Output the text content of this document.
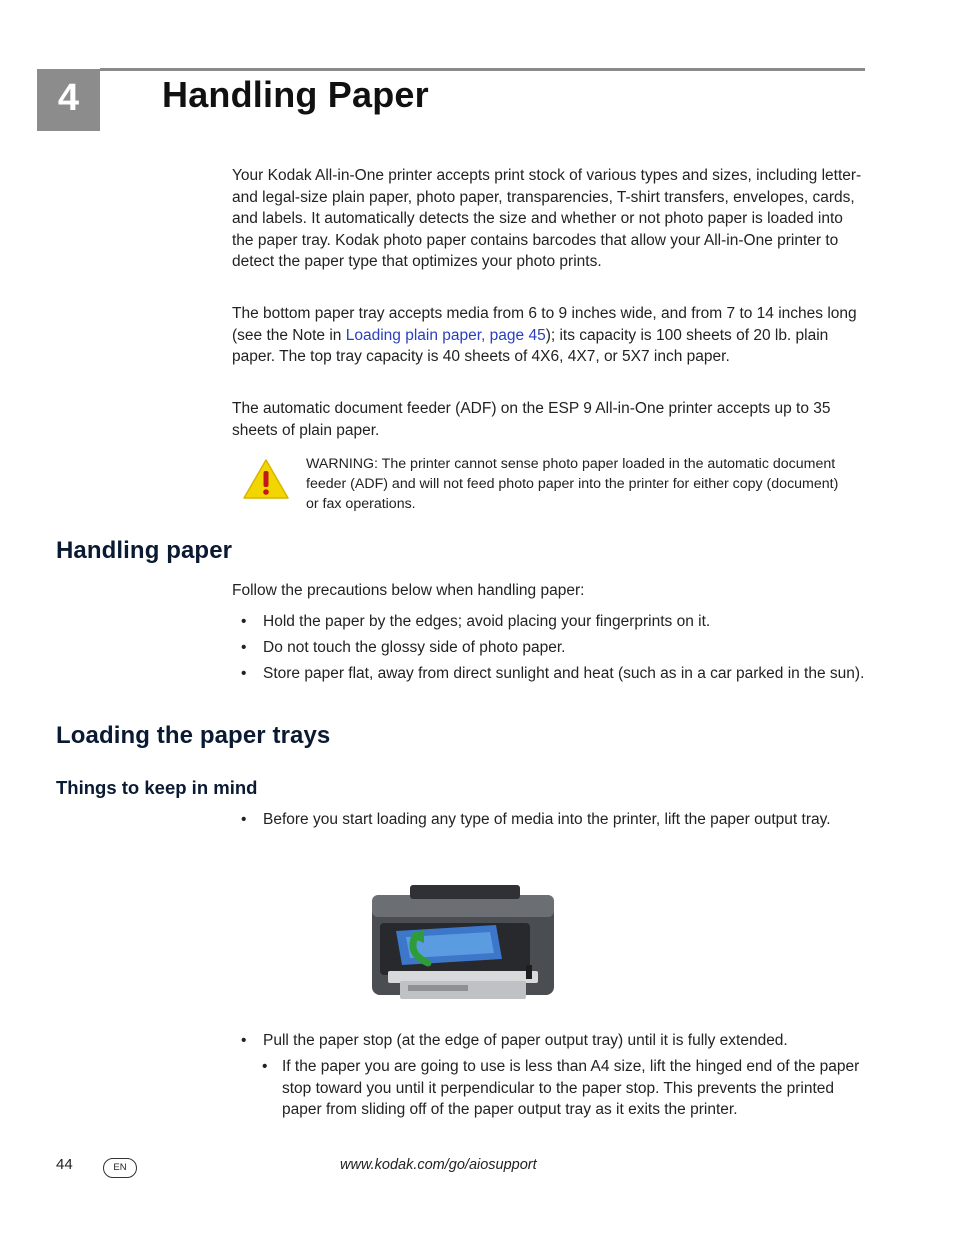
4	Handling Paper

Your Kodak All-in-One printer accepts print stock of various types and sizes, including letter- and legal-size plain paper, photo paper, transparencies, T-shirt transfers, envelopes, cards, and labels. It automatically detects the size and whether or not photo paper is loaded into the paper tray. Kodak photo paper contains barcodes that allow your All-in-One printer to detect the paper type that optimizes your photo prints.

The bottom paper tray accepts media from 6 to 9 inches wide, and from 7 to 14 inches long (see the Note in Loading plain paper, page 45); its capacity is 100 sheets of 20 lb. plain paper. The top tray capacity is 40 sheets of 4X6, 4X7, or 5X7 inch paper.

The automatic document feeder (ADF) on the ESP 9 All-in-One printer accepts up to 35 sheets of plain paper.

WARNING: The printer cannot sense photo paper loaded in the automatic document feeder (ADF) and will not feed photo paper into the printer for either copy (document) or fax operations.
Handling paper
Follow the precautions below when handling paper:
• Hold the paper by the edges; avoid placing your fingerprints on it.
• Do not touch the glossy side of photo paper.
• Store paper flat, away from direct sunlight and heat (such as in a car parked in the sun).
Loading the paper trays
Things to keep in mind
• Before you start loading any type of media into the printer, lift the paper output tray.
• Pull the paper stop (at the edge of paper output tray) until it is fully extended.
• If the paper you are going to use is less than A4 size, lift the hinged end of the paper stop toward you until it perpendicular to the paper stop. This prevents the printed paper from sliding off of the paper output tray as it exits the printer.
44	EN	www.kodak.com/go/aiosupport
